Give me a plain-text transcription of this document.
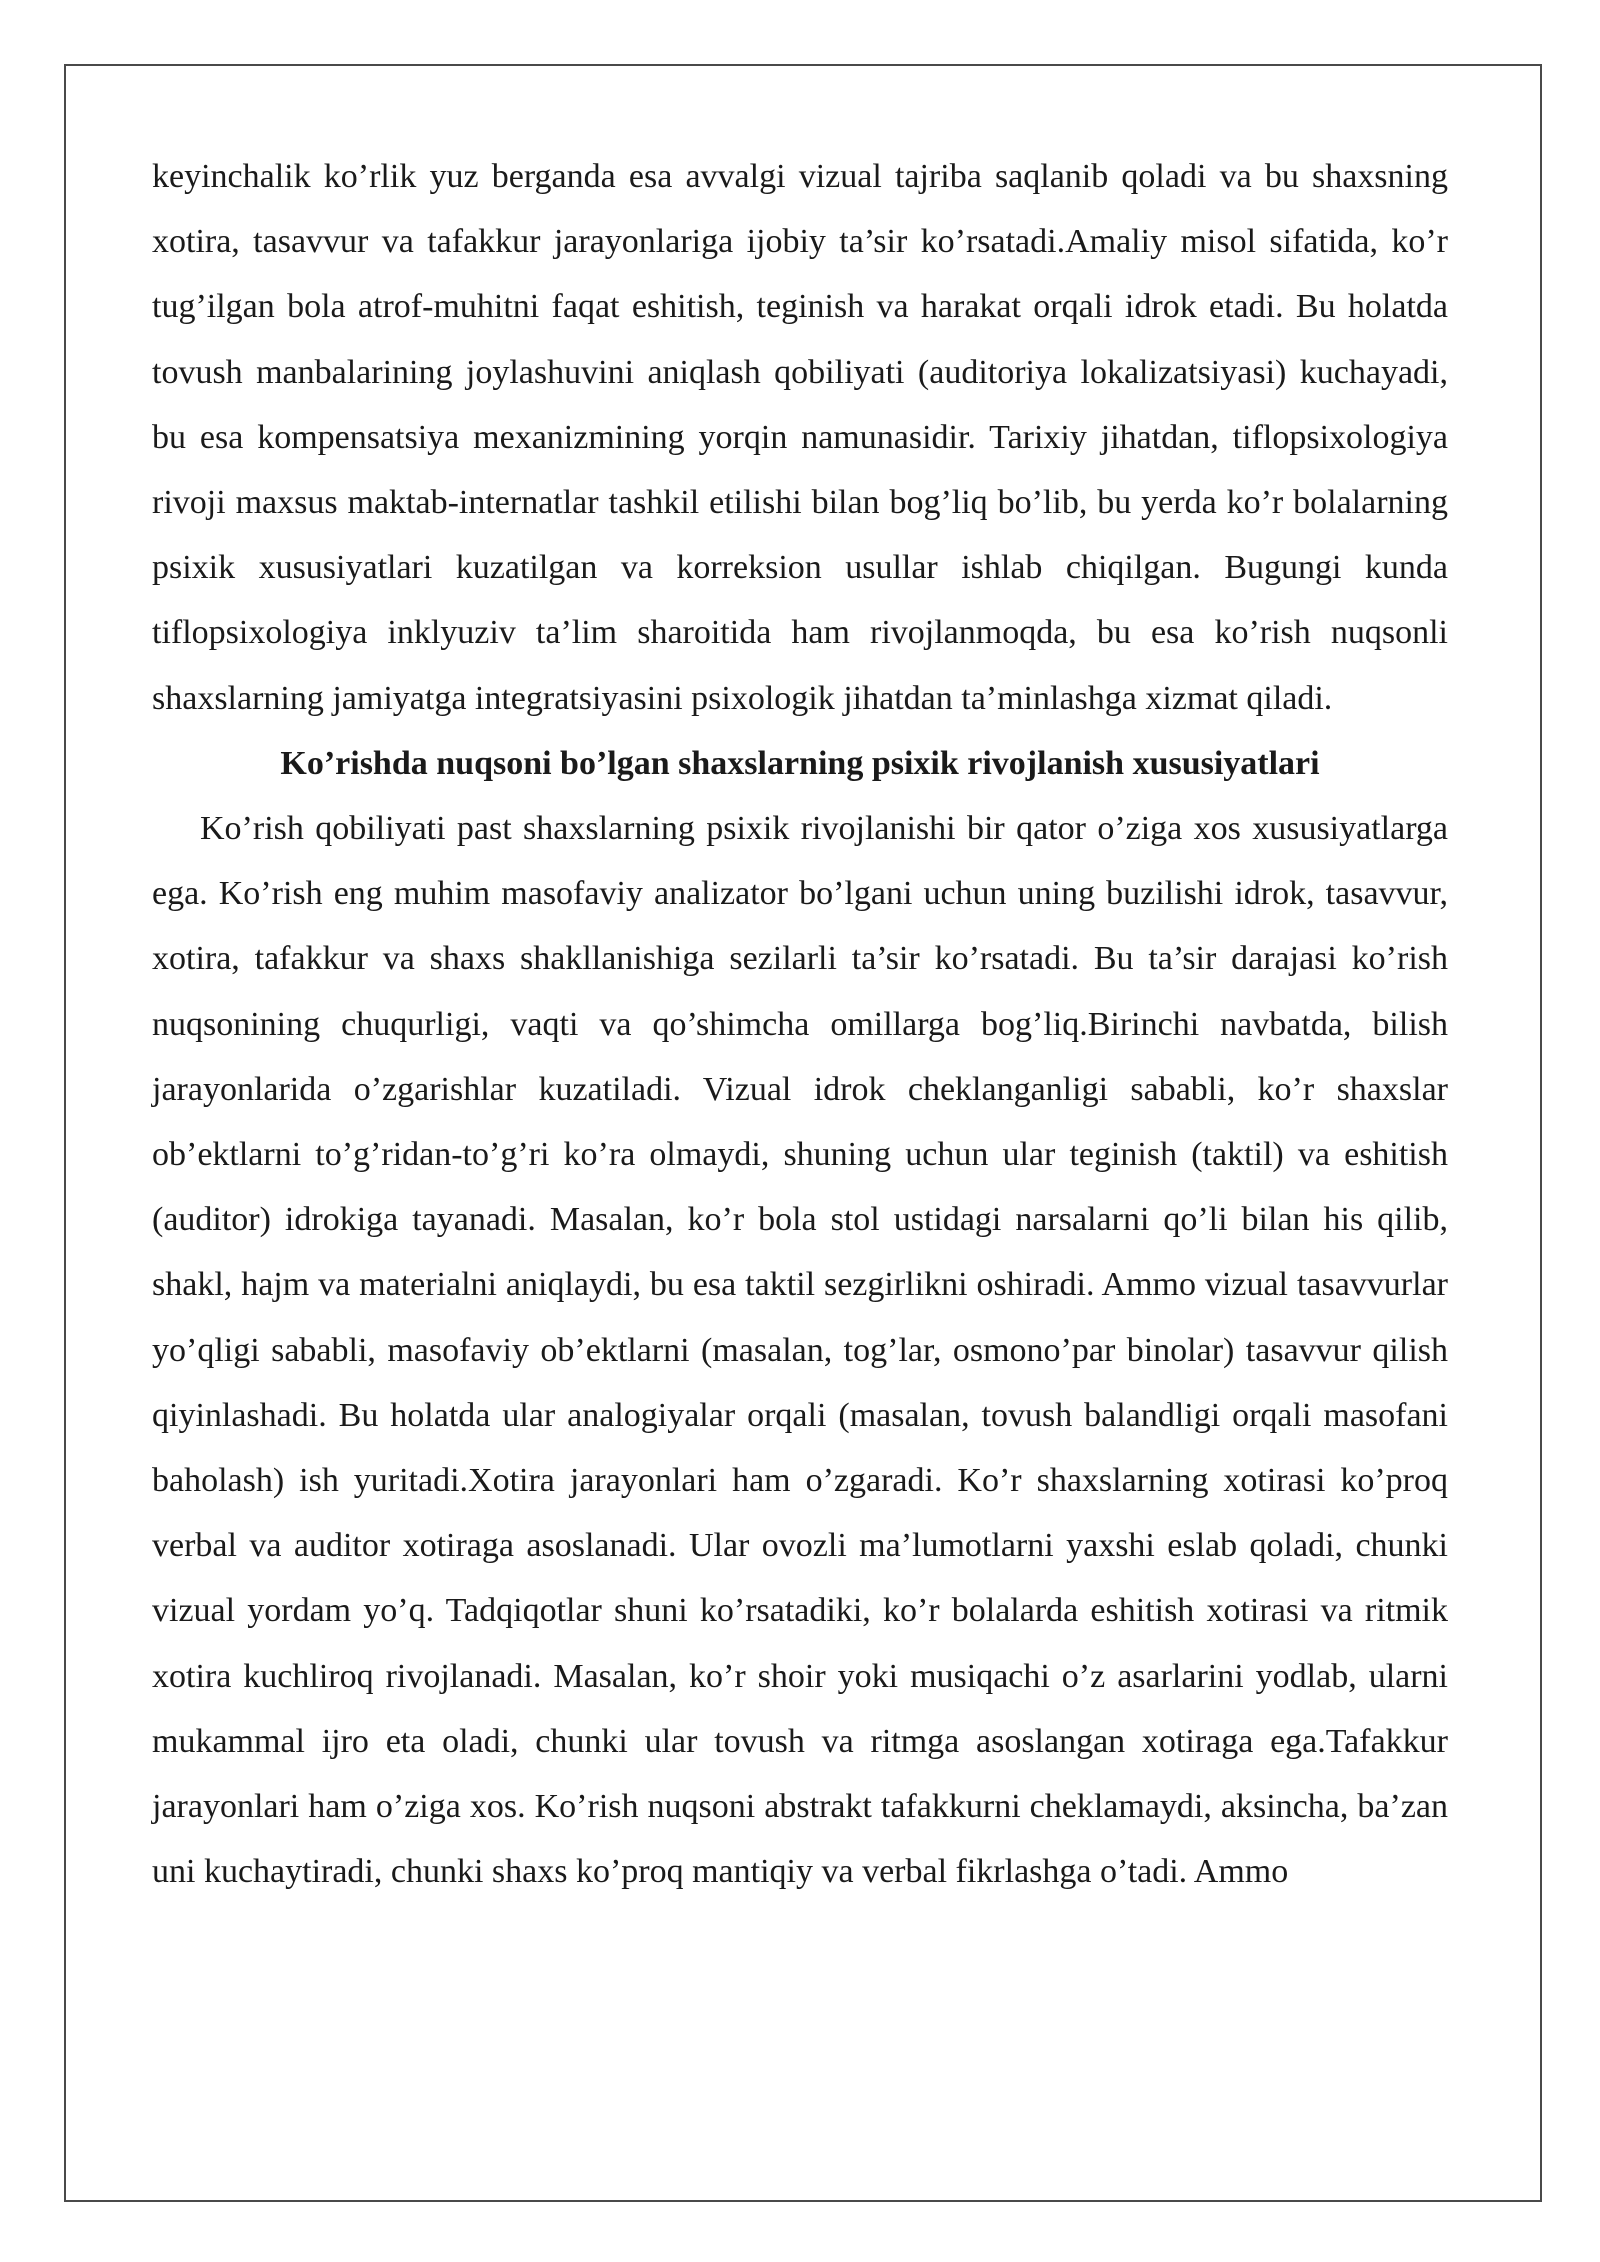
keyinchalik ko’rlik yuz berganda esa avvalgi vizual tajriba saqlanib qoladi va bu shaxsning xotira, tasavvur va tafakkur jarayonlariga ijobiy ta’sir ko’rsatadi.Amaliy misol sifatida, ko’r tug’ilgan bola atrof-muhitni faqat eshitish, teginish va harakat orqali idrok etadi. Bu holatda tovush manbalarining joylashuvini aniqlash qobiliyati (auditoriya lokalizatsiyasi) kuchayadi, bu esa kompensatsiya mexanizmining yorqin namunasidir. Tarixiy jihatdan, tiflopsixologiya rivoji maxsus maktab-internatlar tashkil etilishi bilan bog’liq bo’lib, bu yerda ko’r bolalarning psixik xususiyatlari kuzatilgan va korreksion usullar ishlab chiqilgan. Bugungi kunda tiflopsixologiya inklyuziv ta’lim sharoitida ham rivojlanmoqda, bu esa ko’rish nuqsonli shaxslarning jamiyatga integratsiyasini psixologik jihatdan ta’minlashga xizmat qiladi.

Ko’rishda nuqsoni bo’lgan shaxslarning psixik rivojlanish xususiyatlari

Ko’rish qobiliyati past shaxslarning psixik rivojlanishi bir qator o’ziga xos xususiyatlarga ega. Ko’rish eng muhim masofaviy analizator bo’lgani uchun uning buzilishi idrok, tasavvur, xotira, tafakkur va shaxs shakllanishiga sezilarli ta’sir ko’rsatadi. Bu ta’sir darajasi ko’rish nuqsonining chuqurligi, vaqti va qo’shimcha omillarga bog’liq.Birinchi navbatda, bilish jarayonlarida o’zgarishlar kuzatiladi. Vizual idrok cheklanganligi sababli, ko’r shaxslar ob’ektlarni to’g’ridan-to’g’ri ko’ra olmaydi, shuning uchun ular teginish (taktil) va eshitish (auditor) idrokiga tayanadi. Masalan, ko’r bola stol ustidagi narsalarni qo’li bilan his qilib, shakl, hajm va materialni aniqlaydi, bu esa taktil sezgirlikni oshiradi. Ammo vizual tasavvurlar yo’qligi sababli, masofaviy ob’ektlarni (masalan, tog’lar, osmono’par binolar) tasavvur qilish qiyinlashadi. Bu holatda ular analogiyalar orqali (masalan, tovush balandligi orqali masofani baholash) ish yuritadi.Xotira jarayonlari ham o’zgaradi. Ko’r shaxslarning xotirasi ko’proq verbal va auditor xotiraga asoslanadi. Ular ovozli ma’lumotlarni yaxshi eslab qoladi, chunki vizual yordam yo’q. Tadqiqotlar shuni ko’rsatadiki, ko’r bolalarda eshitish xotirasi va ritmik xotira kuchliroq rivojlanadi. Masalan, ko’r shoir yoki musiqachi o’z asarlarini yodlab, ularni mukammal ijro eta oladi, chunki ular tovush va ritmga asoslangan xotiraga ega.Tafakkur jarayonlari ham o’ziga xos. Ko’rish nuqsoni abstrakt tafakkurni cheklamaydi, aksincha, ba’zan uni kuchaytiradi, chunki shaxs ko’proq mantiqiy va verbal fikrlashga o’tadi. Ammo
